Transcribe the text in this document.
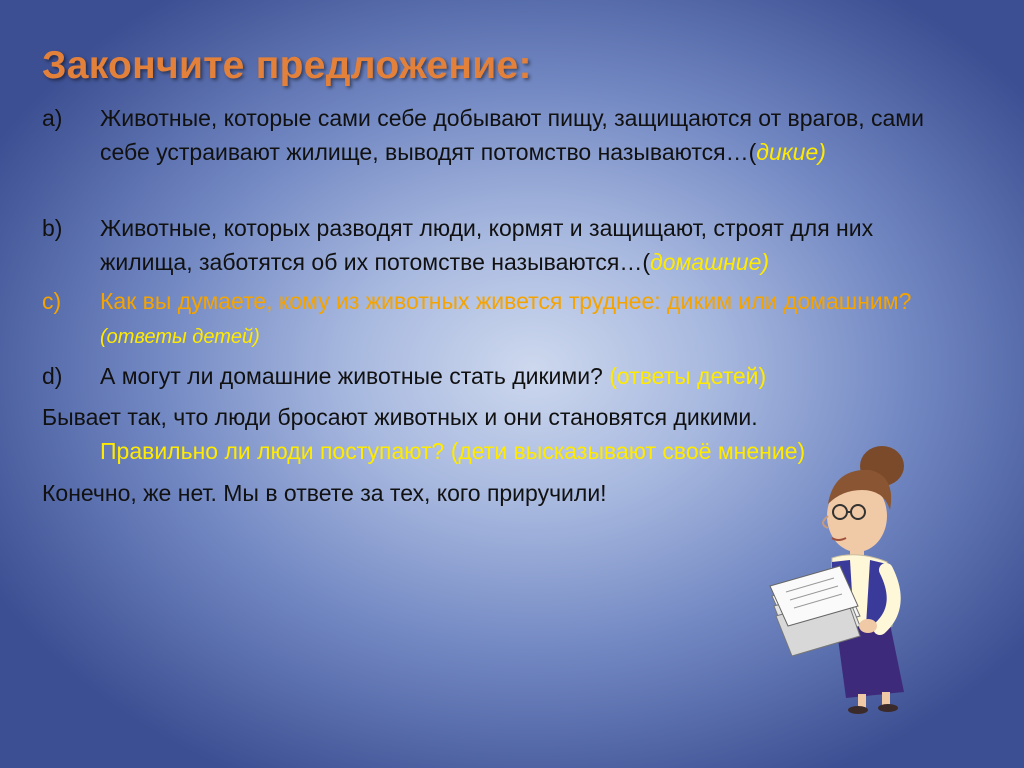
Закончите предложение:
a) Животные, которые сами себе добывают пищу, защищаются от врагов, сами себе устраивают жилище, выводят потомство называются…(дикие)
b) Животные, которых разводят люди, кормят и защищают, строят для них жилища, заботятся об их потомстве называются…(домашние)
c) Как вы думаете, кому из животных живется труднее: диким или домашним? (ответы детей)
d) А могут ли домашние животные стать дикими? (ответы детей)
Бывает так, что люди бросают животных и они становятся дикими.
Правильно ли люди поступают? (дети высказывают своё мнение)
Конечно, же нет. Мы в ответе за тех, кого приручили!
